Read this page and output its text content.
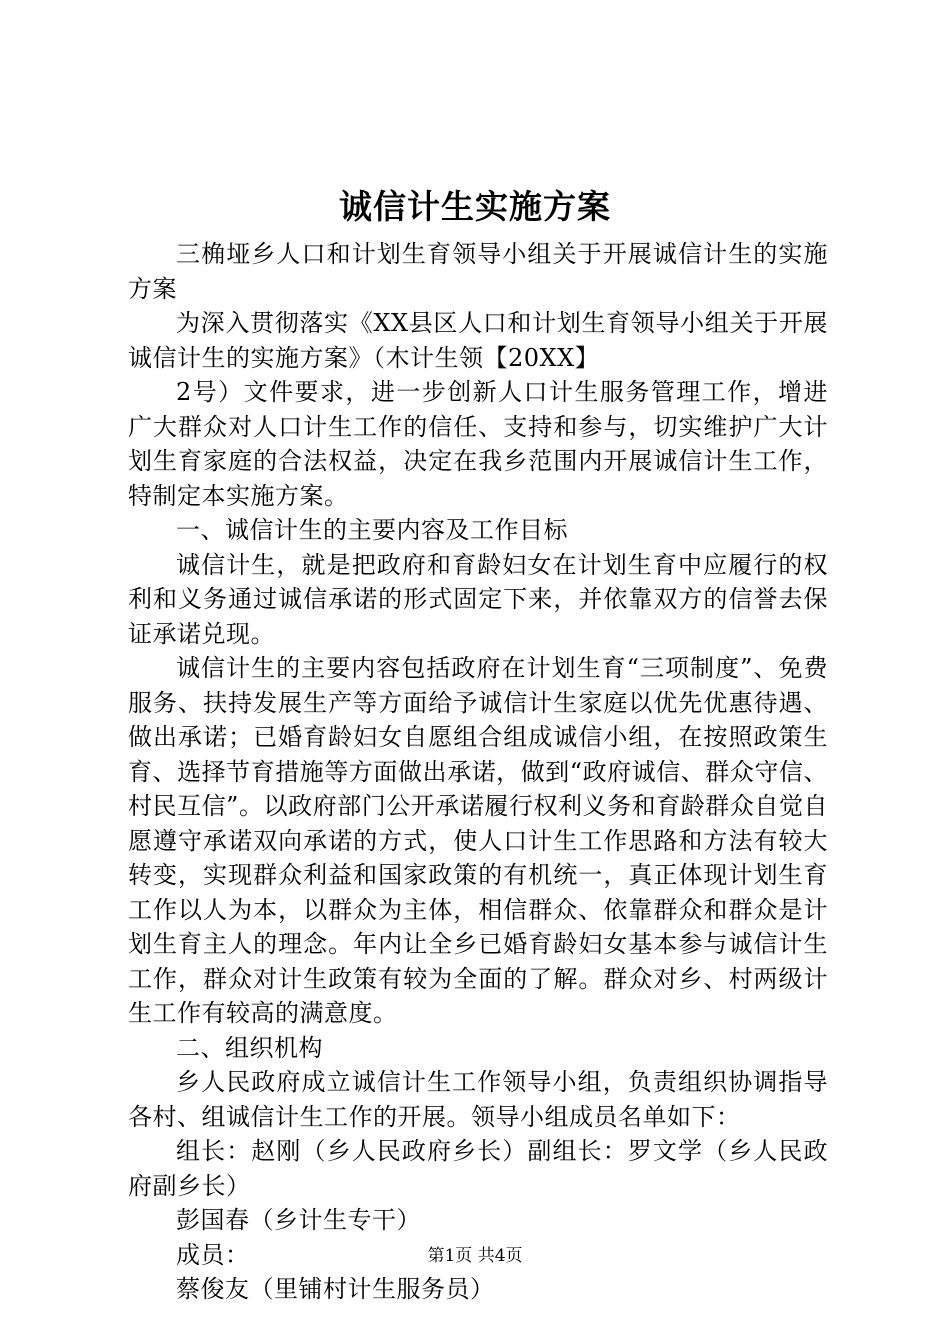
诚信计生实施方案

三桷垭乡人口和计划生育领导小组关于开展诚信计生的实施方案

为深入贯彻落实《XX县区人口和计划生育领导小组关于开展诚信计生的实施方案》（木计生领【20XX】

2号）文件要求，进一步创新人口计生服务管理工作，增进广大群众对人口计生工作的信任、支持和参与，切实维护广大计划生育家庭的合法权益，决定在我乡范围内开展诚信计生工作，特制定本实施方案。

一、诚信计生的主要内容及工作目标

诚信计生，就是把政府和育龄妇女在计划生育中应履行的权利和义务通过诚信承诺的形式固定下来，并依靠双方的信誉去保证承诺兑现。

诚信计生的主要内容包括政府在计划生育“三项制度”、免费服务、扶持发展生产等方面给予诚信计生家庭以优先优惠待遇、做出承诺；已婚育龄妇女自愿组合组成诚信小组，在按照政策生育、选择节育措施等方面做出承诺，做到“政府诚信、群众守信、村民互信”。以政府部门公开承诺履行权利义务和育龄群众自觉自愿遵守承诺双向承诺的方式，使人口计生工作思路和方法有较大转变，实现群众利益和国家政策的有机统一，真正体现计划生育工作以人为本，以群众为主体，相信群众、依靠群众和群众是计划生育主人的理念。年内让全乡已婚育龄妇女基本参与诚信计生工作，群众对计生政策有较为全面的了解。群众对乡、村两级计生工作有较高的满意度。

二、组织机构

乡人民政府成立诚信计生工作领导小组，负责组织协调指导各村、组诚信计生工作的开展。领导小组成员名单如下：

组长：赵刚（乡人民政府乡长）副组长：罗文学（乡人民政府副乡长）

彭国春（乡计生专干）

成员：

蔡俊友（里铺村计生服务员）

第1页 共4页
